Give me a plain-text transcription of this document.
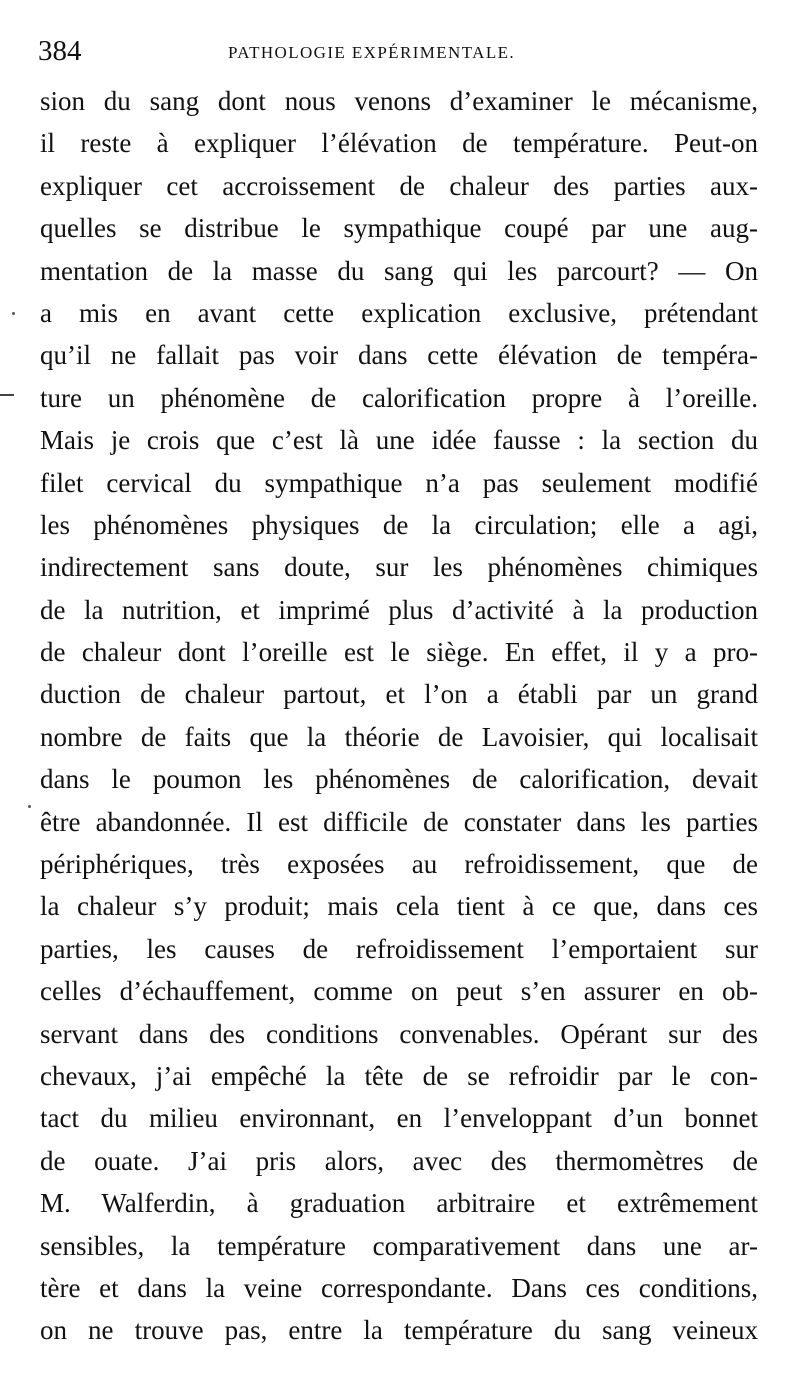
384	PATHOLOGIE EXPÉRIMENTALE.
sion du sang dont nous venons d’examiner le mécanisme,
il reste à expliquer l’élévation de température. Peut-on
expliquer cet accroissement de chaleur des parties aux-
quelles se distribue le sympathique coupé par une aug-
mentation de la masse du sang qui les parcourt? — On
a mis en avant cette explication exclusive, prétendant
qu’il ne fallait pas voir dans cette élévation de tempéra-
ture un phénomène de calorification propre à l’oreille.
Mais je crois que c’est là une idée fausse : la section du
filet cervical du sympathique n’a pas seulement modifié
les phénomènes physiques de la circulation; elle a agi,
indirectement sans doute, sur les phénomènes chimiques
de la nutrition, et imprimé plus d’activité à la production
de chaleur dont l’oreille est le siège. En effet, il y a pro-
duction de chaleur partout, et l’on a établi par un grand
nombre de faits que la théorie de Lavoisier, qui localisait
dans le poumon les phénomènes de calorification, devait
être abandonnée. Il est difficile de constater dans les parties
périphériques, très exposées au refroidissement, que de
la chaleur s’y produit; mais cela tient à ce que, dans ces
parties, les causes de refroidissement l’emportaient sur
celles d’échauffement, comme on peut s’en assurer en ob-
servant dans des conditions convenables. Opérant sur des
chevaux, j’ai empêché la tête de se refroidir par le con-
tact du milieu environnant, en l’enveloppant d’un bonnet
de ouate. J’ai pris alors, avec des thermomètres de
M. Walferdin, à graduation arbitraire et extrêmement
sensibles, la température comparativement dans une ar-
tère et dans la veine correspondante. Dans ces conditions,
on ne trouve pas, entre la température du sang veineux
